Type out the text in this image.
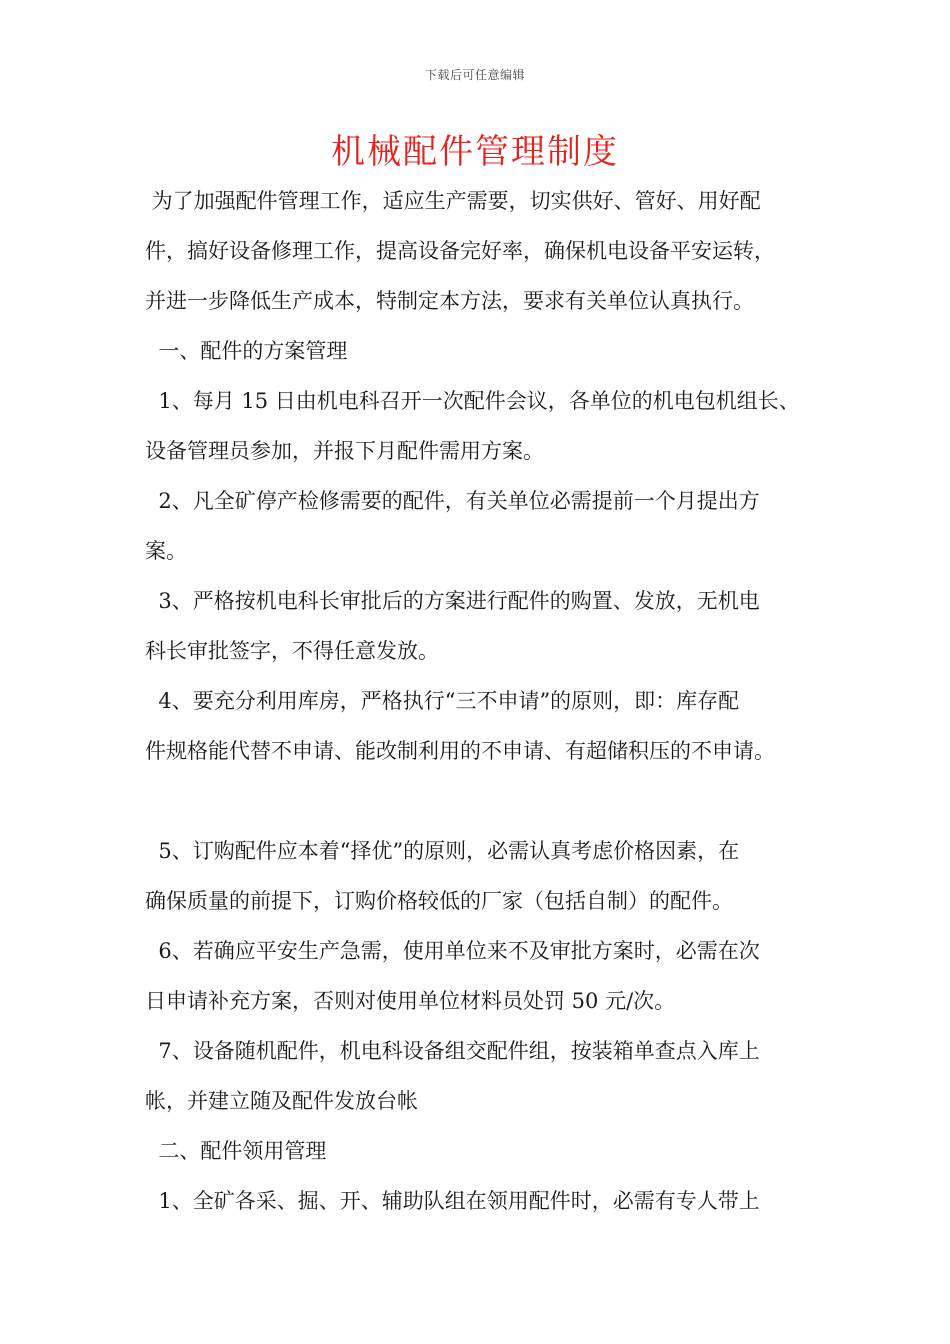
下载后可任意编辑
机械配件管理制度
为了加强配件管理工作，适应生产需要，切实供好、管好、用好配
件，搞好设备修理工作，提高设备完好率，确保机电设备平安运转，
并进一步降低生产成本，特制定本方法，要求有关单位认真执行。
一、配件的方案管理
1、每月 15 日由机电科召开一次配件会议，各单位的机电包机组长、
设备管理员参加，并报下月配件需用方案。
2、凡全矿停产检修需要的配件，有关单位必需提前一个月提出方
案。
3、严格按机电科长审批后的方案进行配件的购置、发放，无机电
科长审批签字，不得任意发放。
4、要充分利用库房，严格执行“三不申请”的原则，即：库存配
件规格能代替不申请、能改制利用的不申请、有超储积压的不申请。
5、订购配件应本着“择优”的原则，必需认真考虑价格因素，在
确保质量的前提下，订购价格较低的厂家（包括自制）的配件。
6、若确应平安生产急需，使用单位来不及审批方案时，必需在次
日申请补充方案，否则对使用单位材料员处罚 50 元/次。
7、设备随机配件，机电科设备组交配件组，按装箱单查点入库上
帐，并建立随及配件发放台帐
二、配件领用管理
1、全矿各采、掘、开、辅助队组在领用配件时，必需有专人带上
